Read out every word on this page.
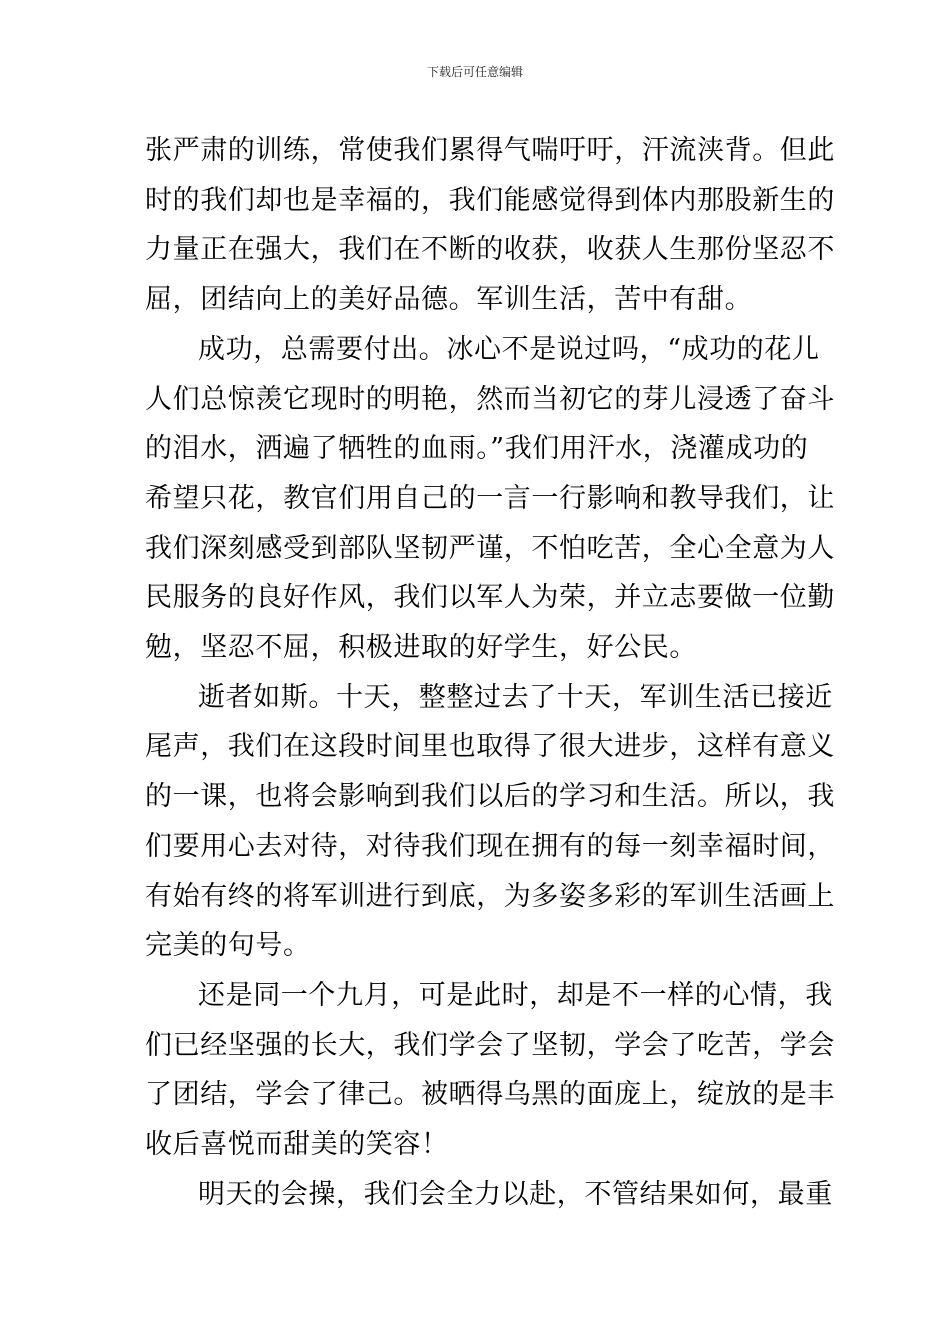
下载后可任意编辑
张严肃的训练，常使我们累得气喘吁吁，汗流浃背。但此
时的我们却也是幸福的，我们能感觉得到体内那股新生的
力量正在强大，我们在不断的收获，收获人生那份坚忍不
屈，团结向上的美好品德。军训生活，苦中有甜。
成功，总需要付出。冰心不是说过吗，“成功的花儿
人们总惊羡它现时的明艳，然而当初它的芽儿浸透了奋斗
的泪水，洒遍了牺牲的血雨。”我们用汗水，浇灌成功的
希望只花，教官们用自己的一言一行影响和教导我们，让
我们深刻感受到部队坚韧严谨，不怕吃苦，全心全意为人
民服务的良好作风，我们以军人为荣，并立志要做一位勤
勉，坚忍不屈，积极进取的好学生，好公民。
逝者如斯。十天，整整过去了十天，军训生活已接近
尾声，我们在这段时间里也取得了很大进步，这样有意义
的一课，也将会影响到我们以后的学习和生活。所以，我
们要用心去对待，对待我们现在拥有的每一刻幸福时间，
有始有终的将军训进行到底，为多姿多彩的军训生活画上
完美的句号。
还是同一个九月，可是此时，却是不一样的心情，我
们已经坚强的长大，我们学会了坚韧，学会了吃苦，学会
了团结，学会了律己。被晒得乌黑的面庞上，绽放的是丰
收后喜悦而甜美的笑容！
明天的会操，我们会全力以赴，不管结果如何，最重
